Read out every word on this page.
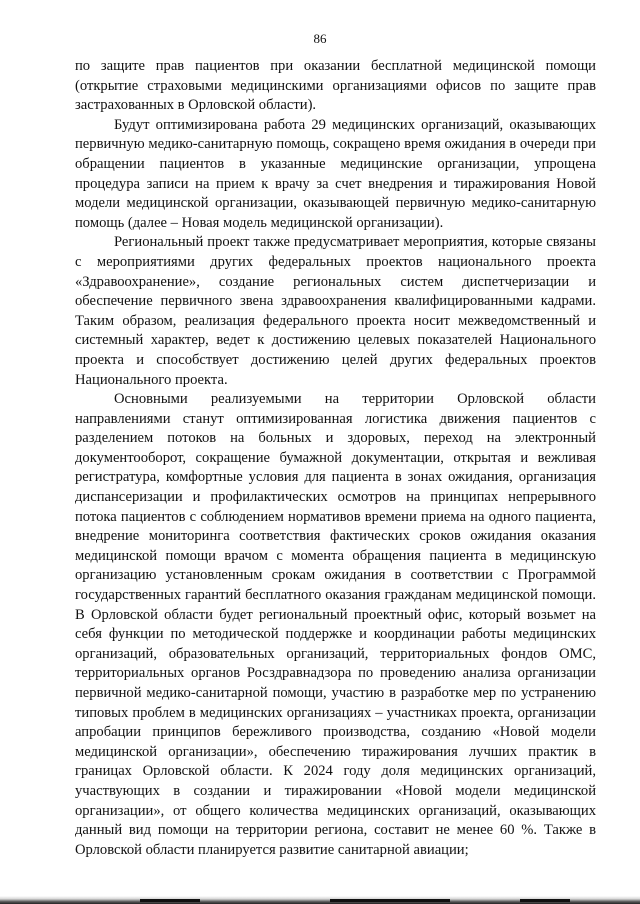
86

по защите прав пациентов при оказании бесплатной медицинской помощи (открытие страховыми медицинскими организациями офисов по защите прав застрахованных в Орловской области).

Будут оптимизирована работа 29 медицинских организаций, оказывающих первичную медико-санитарную помощь, сокращено время ожидания в очереди при обращении пациентов в указанные медицинские организации, упрощена процедура записи на прием к врачу за счет внедрения и тиражирования Новой модели медицинской организации, оказывающей первичную медико-санитарную помощь (далее – Новая модель медицинской организации).

Региональный проект также предусматривает мероприятия, которые связаны с мероприятиями других федеральных проектов национального проекта «Здравоохранение», создание региональных систем диспетчеризации и обеспечение первичного звена здравоохранения квалифицированными кадрами. Таким образом, реализация федерального проекта носит межведомственный и системный характер, ведет к достижению целевых показателей Национального проекта и способствует достижению целей других федеральных проектов Национального проекта.

Основными реализуемыми на территории Орловской области направлениями станут оптимизированная логистика движения пациентов с разделением потоков на больных и здоровых, переход на электронный документооборот, сокращение бумажной документации, открытая и вежливая регистратура, комфортные условия для пациента в зонах ожидания, организация диспансеризации и профилактических осмотров на принципах непрерывного потока пациентов с соблюдением нормативов времени приема на одного пациента, внедрение мониторинга соответствия фактических сроков ожидания оказания медицинской помощи врачом с момента обращения пациента в медицинскую организацию установленным срокам ожидания в соответствии с Программой государственных гарантий бесплатного оказания гражданам медицинской помощи. В Орловской области будет региональный проектный офис, который возьмет на себя функции по методической поддержке и координации работы медицинских организаций, образовательных организаций, территориальных фондов ОМС, территориальных органов Росздравнадзора по проведению анализа организации первичной медико-санитарной помощи, участию в разработке мер по устранению типовых проблем в медицинских организациях – участниках проекта, организации апробации принципов бережливого производства, созданию «Новой модели медицинской организации», обеспечению тиражирования лучших практик в границах Орловской области. К 2024 году доля медицинских организаций, участвующих в создании и тиражировании «Новой модели медицинской организации», от общего количества медицинских организаций, оказывающих данный вид помощи на территории региона, составит не менее 60 %. Также в Орловской области планируется развитие санитарной авиации;
